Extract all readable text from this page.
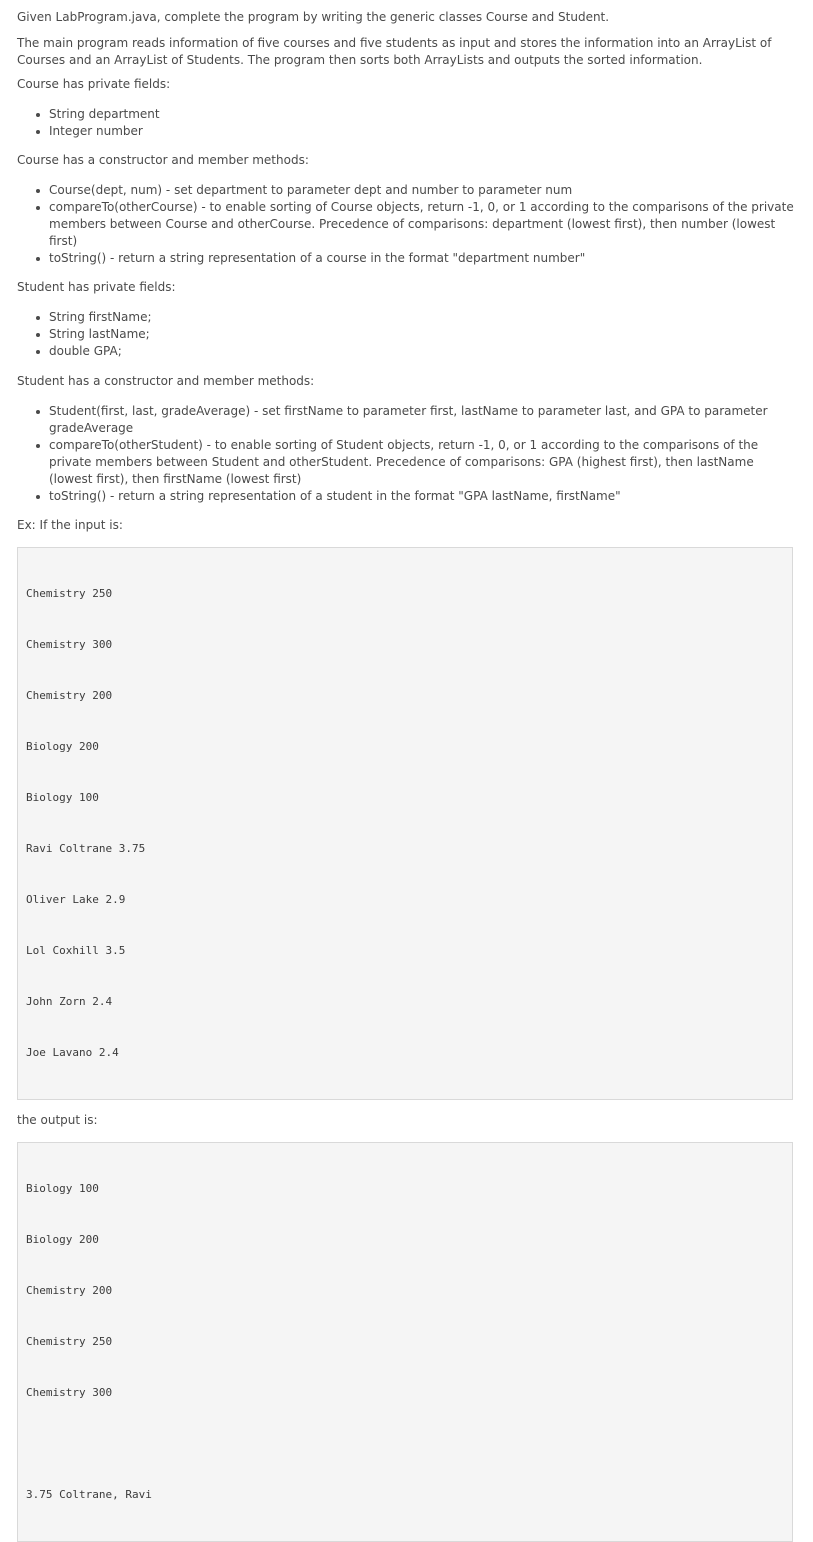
Given LabProgram.java, complete the program by writing the generic classes Course and Student.

The main program reads information of five courses and five students as input and stores the information into an ArrayList of Courses and an ArrayList of Students. The program then sorts both ArrayLists and outputs the sorted information.

Course has private fields:

String department
Integer number

Course has a constructor and member methods:

Course(dept, num) - set department to parameter dept and number to parameter num
compareTo(otherCourse) - to enable sorting of Course objects, return -1, 0, or 1 according to the comparisons of the private members between Course and otherCourse. Precedence of comparisons: department (lowest first), then number (lowest first)
toString() - return a string representation of a course in the format "department number"

Student has private fields:

String firstName;
String lastName;
double GPA;

Student has a constructor and member methods:

Student(first, last, gradeAverage) - set firstName to parameter first, lastName to parameter last, and GPA to parameter gradeAverage
compareTo(otherStudent) - to enable sorting of Student objects, return -1, 0, or 1 according to the comparisons of the private members between Student and otherStudent. Precedence of comparisons: GPA (highest first), then lastName (lowest first), then firstName (lowest first)
toString() - return a string representation of a student in the format "GPA lastName, firstName"

Ex: If the input is:

Chemistry 250

Chemistry 300

Chemistry 200

Biology 200

Biology 100

Ravi Coltrane 3.75

Oliver Lake 2.9

Lol Coxhill 3.5

John Zorn 2.4

Joe Lavano 2.4

the output is:

Biology 100

Biology 200

Chemistry 200

Chemistry 250

Chemistry 300

3.75 Coltrane, Ravi
